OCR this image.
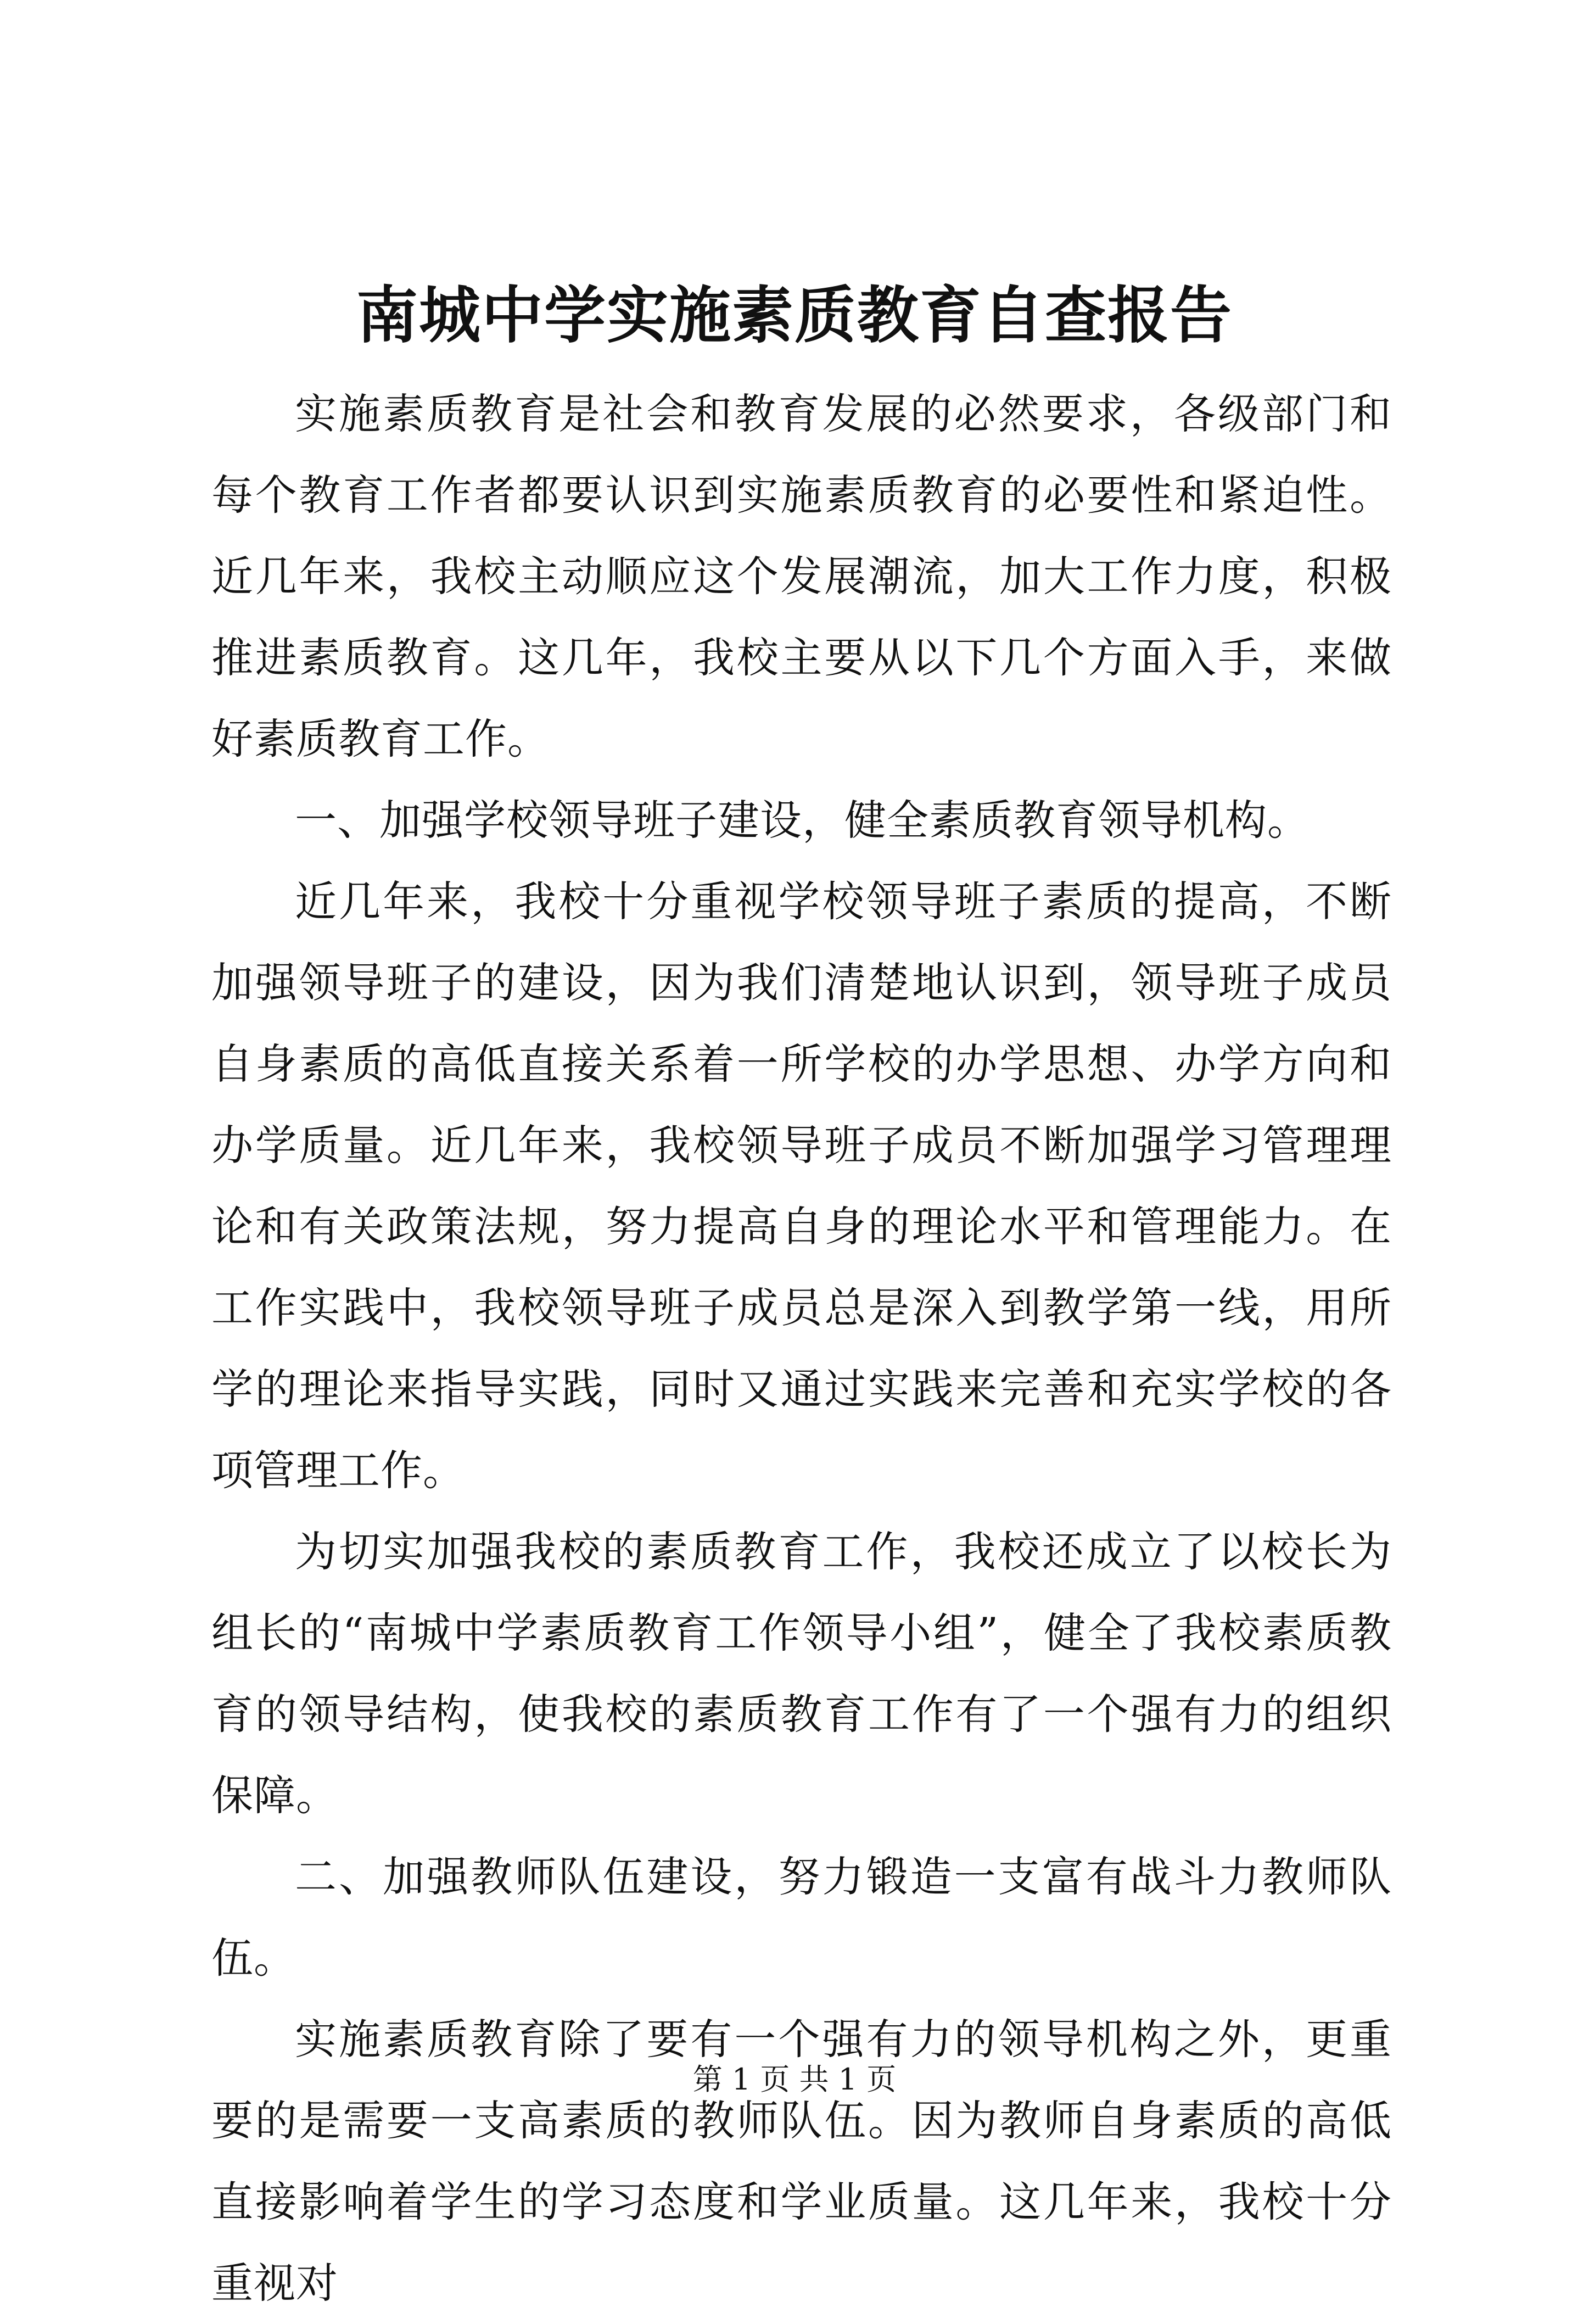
南城中学实施素质教育自查报告

实施素质教育是社会和教育发展的必然要求，各级部门和每个教育工作者都要认识到实施素质教育的必要性和紧迫性。近几年来，我校主动顺应这个发展潮流，加大工作力度，积极推进素质教育。这几年，我校主要从以下几个方面入手，来做好素质教育工作。

一、加强学校领导班子建设，健全素质教育领导机构。

近几年来，我校十分重视学校领导班子素质的提高，不断加强领导班子的建设，因为我们清楚地认识到，领导班子成员自身素质的高低直接关系着一所学校的办学思想、办学方向和办学质量。近几年来，我校领导班子成员不断加强学习管理理论和有关政策法规，努力提高自身的理论水平和管理能力。在工作实践中，我校领导班子成员总是深入到教学第一线，用所学的理论来指导实践，同时又通过实践来完善和充实学校的各项管理工作。

为切实加强我校的素质教育工作，我校还成立了以校长为组长的“南城中学素质教育工作领导小组”，健全了我校素质教育的领导结构，使我校的素质教育工作有了一个强有力的组织保障。

二、加强教师队伍建设，努力锻造一支富有战斗力教师队伍。

实施素质教育除了要有一个强有力的领导机构之外，更重要的是需要一支高素质的教师队伍。因为教师自身素质的高低直接影响着学生的学习态度和学业质量。这几年来，我校十分重视对

第 1 页 共 1 页
